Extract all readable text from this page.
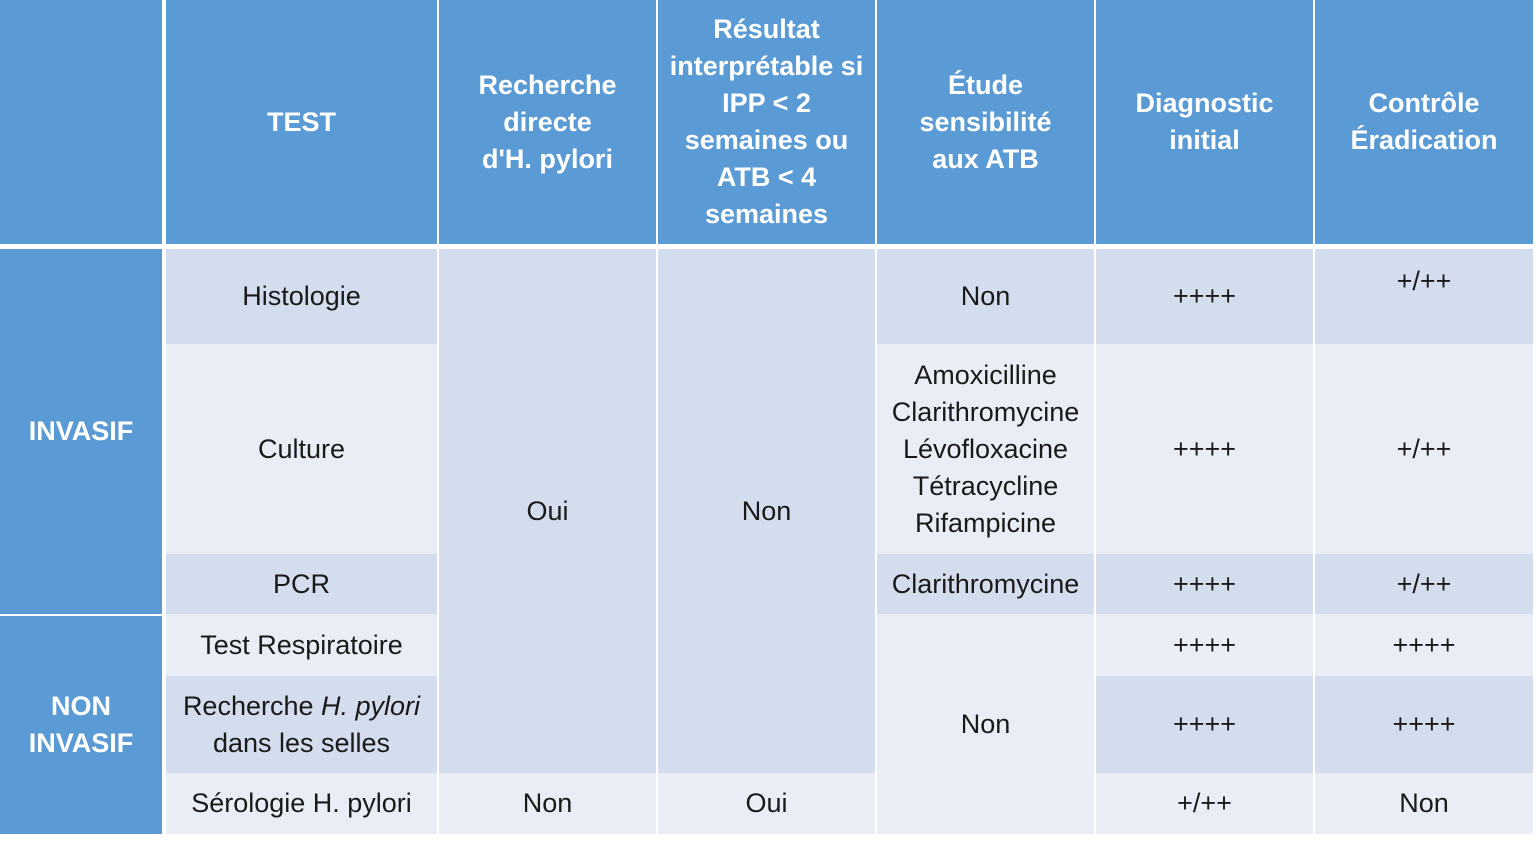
TEST
Recherche
directe
d'H. pylori
Résultat
interprétable si
IPP < 2
semaines ou
ATB < 4
semaines
Étude
sensibilité
aux ATB
Diagnostic
initial
Contrôle
Éradication
INVASIF
NON
INVASIF
Histologie
Culture
PCR
Test Respiratoire
Recherche H. pylori
dans les selles
Sérologie H. pylori
Oui
Non
Non
Oui
Non
Amoxicilline
Clarithromycine
Lévofloxacine
Tétracycline
Rifampicine
Clarithromycine
Non
++++
++++
++++
++++
++++
+/++
+/++
+/++
+/++
++++
++++
Non
